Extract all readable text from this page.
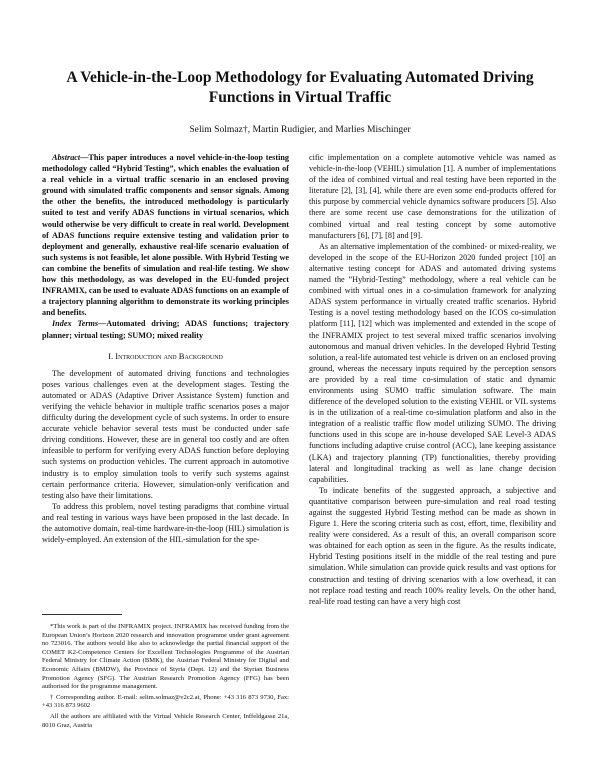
A Vehicle-in-the-Loop Methodology for Evaluating Automated Driving Functions in Virtual Traffic
Selim Solmaz†, Martin Rudigier, and Marlies Mischinger

Abstract—This paper introduces a novel vehicle-in-the-loop testing methodology called “Hybrid Testing”, which enables the evaluation of a real vehicle in a virtual traffic scenario in an enclosed proving ground with simulated traffic components and sensor signals. Among the other the benefits, the introduced methodology is particularly suited to test and verify ADAS functions in virtual scenarios, which would otherwise be very difficult to create in real world. Development of ADAS functions require extensive testing and validation prior to deployment and generally, exhaustive real-life scenario evaluation of such systems is not feasible, let alone possible. With Hybrid Testing we can combine the benefits of simulation and real-life testing. We show how this methodology, as was developed in the EU-funded project INFRAMIX, can be used to evaluate ADAS functions on an example of a trajectory planning algorithm to demonstrate its working principles and benefits.

Index Terms—Automated driving; ADAS functions; trajectory planner; virtual testing; SUMO; mixed reality

I. Introduction and Background

The development of automated driving functions and technologies poses various challenges even at the development stages. Testing the automated or ADAS (Adaptive Driver Assistance System) function and verifying the vehicle behavior in multiple traffic scenarios poses a major difficulty during the development cycle of such systems. In order to ensure accurate vehicle behavior several tests must be conducted under safe driving conditions. However, these are in general too costly and are often infeasible to perform for verifying every ADAS function before deploying such systems on production vehicles. The current approach in automotive industry is to employ simulation tools to verify such systems against certain performance criteria. However, simulation-only verification and testing also have their limitations.

To address this problem, novel testing paradigms that combine virtual and real testing in various ways have been proposed in the last decade. In the automotive domain, real-time hardware-in-the-loop (HIL) simulation is widely-employed. An extension of the HIL-simulation for the spe-

cific implementation on a complete automotive vehicle was named as vehicle-in-the-loop (VEHIL) simulation [1]. A number of implementations of the idea of combined virtual and real testing have been reported in the literature [2], [3], [4], while there are even some end-products offered for this purpose by commercial vehicle dynamics software producers [5]. Also there are some recent use case demonstrations for the utilization of combined virtual and real testing concept by some automotive manufacturers [6], [7], [8] and [9].

As an alternative implementation of the combined- or mixed-reality, we developed in the scope of the EU-Horizon 2020 funded project [10] an alternative testing concept for ADAS and automated driving systems named the ”Hybrid-Testing” methodology, where a real vehicle can be combined with virtual ones in a co-simulation framework for analyzing ADAS system performance in virtually created traffic scenarios. Hybrid Testing is a novel testing methodology based on the ICOS co-simulation platform [11], [12] which was implemented and extended in the scope of the INFRAMIX project to test several mixed traffic scenarios involving autonomous and manual driven vehicles. In the developed Hybrid Testing solution, a real-life automated test vehicle is driven on an enclosed proving ground, whereas the necessary inputs required by the perception sensors are provided by a real time co-simulation of static and dynamic environments using SUMO traffic simulation software. The main difference of the developed solution to the existing VEHIL or VIL systems is in the utilization of a real-time co-simulation platform and also in the integration of a realistic traffic flow model utilizing SUMO. The driving functions used in this scope are in-house developed SAE Level-3 ADAS functions including adaptive cruise control (ACC), lane keeping assistance (LKA) and trajectory planning (TP) functionalities, thereby providing lateral and longitudinal tracking as well as lane change decision capabilities.

To indicate benefits of the suggested approach, a subjective and quantitative comparison between pure-simulation and real road testing against the suggested Hybrid Testing method can be made as shown in Figure 1. Here the scoring criteria such as cost, effort, time, flexibility and reality were considered. As a result of this, an overall comparison score was obtained for each option as seen in the figure. As the results indicate, Hybrid Testing positions itself in the middle of the real testing and pure simulation. While simulation can provide quick results and vast options for construction and testing of driving scenarios with a low overhead, it can not replace road testing and reach 100% reality levels. On the other hand, real-life road testing can have a very high cost

*This work is part of the INFRAMIX project. INFRAMIX has received funding from the European Union’s Horizon 2020 research and innovation programme under grant agreement no 723016. The authors would like also to acknowledge the partial financial support of the COMET K2-Competence Centers for Excellent Technologies Programme of the Austrian Federal Ministry for Climate Action (BMK), the Austrian Federal Ministry for Digital and Economic Affairs (BMDW), the Province of Styria (Dept. 12) and the Styrian Business Promotion Agency (SFG). The Austrian Research Promotion Agency (FFG) has been authorised for the programme management.

† Corresponding author. E-mail: selim.solmaz@v2c2.at, Phone: +43 316 873 9730, Fax: +43 316 873 9602

All the authors are affiliated with the Virtual Vehicle Research Center, Inffeldgasse 21a, 8010 Graz, Austria
